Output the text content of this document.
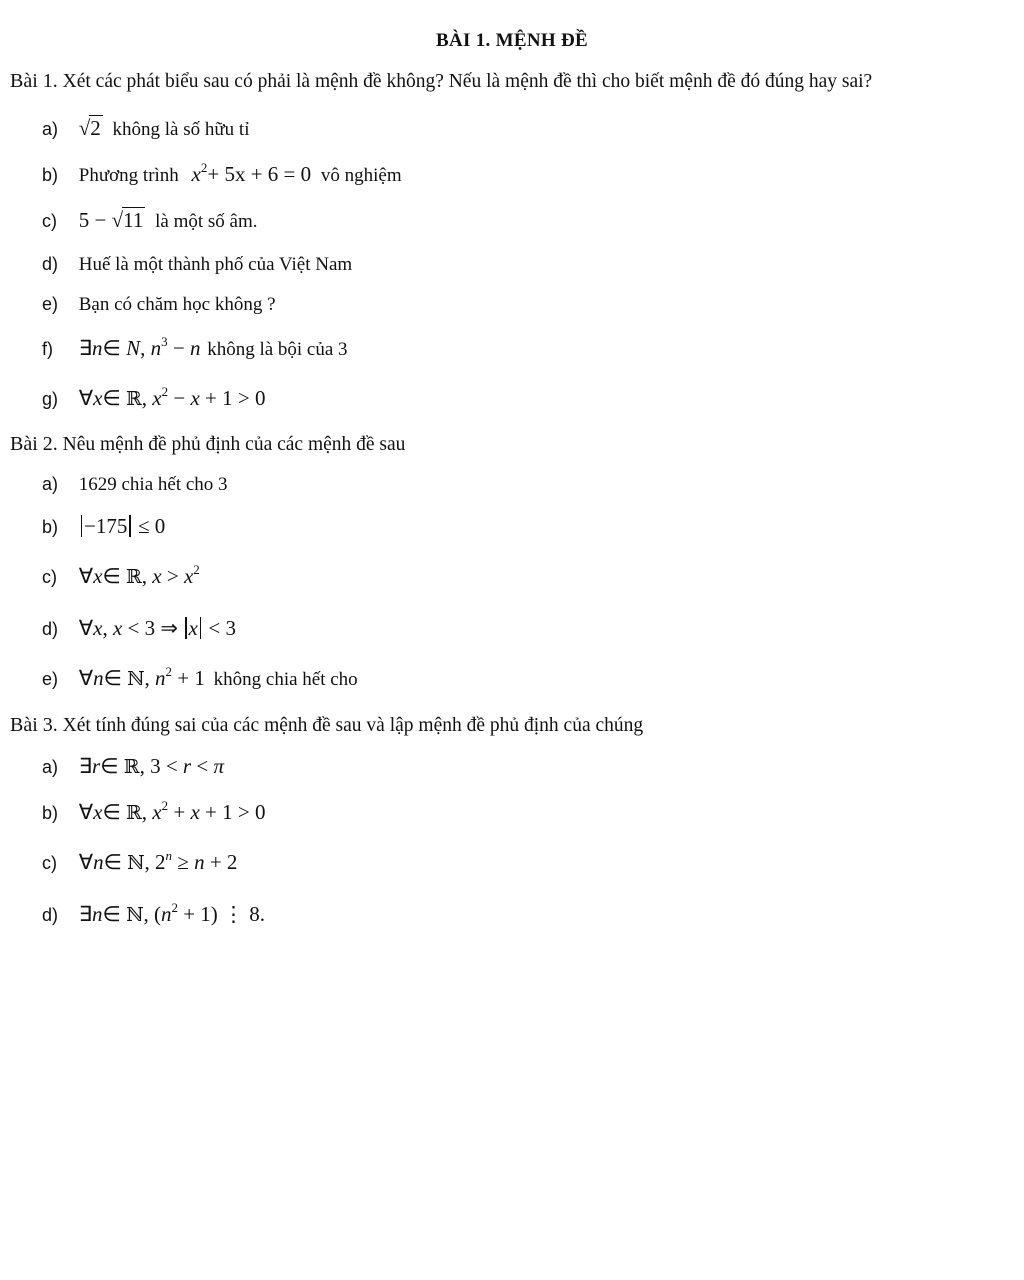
BÀI 1. MỆNH ĐỀ
Bài 1. Xét các phát biểu sau có phải là mệnh đề không? Nếu là mệnh đề thì cho biết mệnh đề đó đúng hay sai?
a) √2 không là số hữu tỉ
b) Phương trình $x^2+ 5x + 6 = 0$ vô nghiệm
c) 5 − √11 là một số âm.
d) Huế là một thành phố của Việt Nam
e) Bạn có chăm học không ?
f) ∃n∈ N, $n^3 - n$ không là bội của 3
g) ∀x∈ ℝ, $x^2 - x + 1 > 0$
Bài 2. Nêu mệnh đề phủ định của các mệnh đề sau
a) 1629 chia hết cho 3
b) −175 ≤ 0
c) ∀x∈ ℝ, $x > x^2$
d) ∀x, x < 3 ⇒ x < 3
e) ∀n∈ ℕ, $n^2 + 1$ không chia hết cho
Bài 3. Xét tính đúng sai của các mệnh đề sau và lập mệnh đề phủ định của chúng
a) ∃r∈ ℝ, 3 < r < π
b) ∀x∈ ℝ, $x^2 + x + 1 > 0$
c) ∀n∈ ℕ, $2^n \ge n + 2$
d) ∃n∈ ℕ, $(n^2 + 1)$ ⋮ 8.
